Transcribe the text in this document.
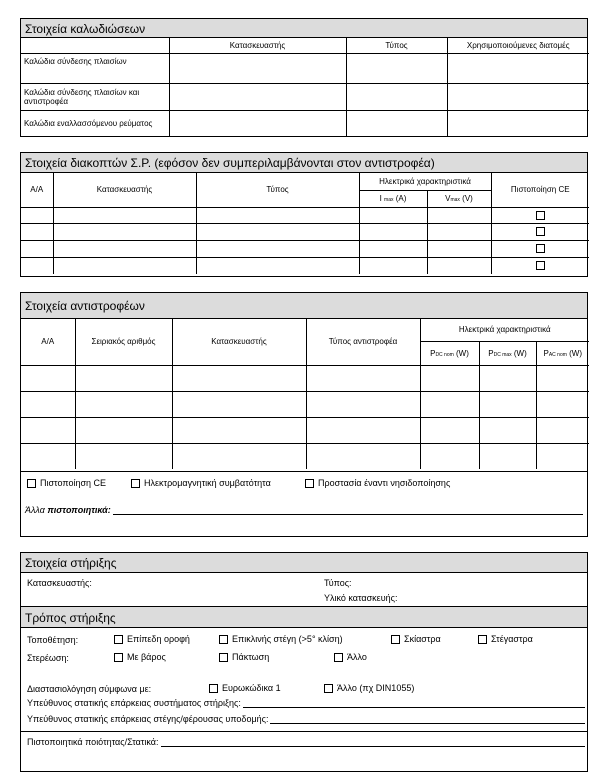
Στοιχεία καλωδιώσεων
	Κατασκευαστής	Τύπος	Χρησιμοποιούμενες διατομές
Καλώδια σύνδεσης πλαισίων			
Καλώδια σύνδεσης πλαισίων και αντιστροφέα			
Καλώδια εναλλασσόμενου ρεύματος			
Στοιχεία διακοπτών Σ.Ρ. (εφόσον δεν συμπεριλαμβάνονται στον αντιστροφέα)
Α/Α	Κατασκευαστής	Τύπος	Ηλεκτρικά χαρακτηριστικά		Πιστοποίηση CE
			I max (A)	Vmax (V)	

Στοιχεία αντιστροφέων
Α/Α	Σειριακός αριθμός	Κατασκευαστής	Τύπος αντιστροφέα	Ηλεκτρικά χαρακτηριστικά		
				PDC nom (W)	PDC max (W)	PAC nom (W)

Πιστοποίηση CE	Ηλεκτρομαγνητική συμβατότητα	Προστασία έναντι νησιδοποίησης
Άλλα
πιστοποιητικά:
Στοιχεία στήριξης
Κατασκευαστής:	Τύπος:
Υλικό κατασκευής:
Τρόπος στήριξης
Τοποθέτηση:	Επίπεδη οροφή	Επικλινής στέγη (>5° κλίση)	Σκίαστρα	Στέγαστρα
Στερέωση:	Με βάρος	Πάκτωση	Άλλο
Διαστασιολόγηση σύμφωνα με:	Ευρωκώδικα 1	Άλλο (πχ DIN1055)
Υπεύθυνος στατικής επάρκειας συστήματος στήριξης:
Υπεύθυνος στατικής επάρκειας στέγης/φέρουσας υποδομής:
Πιστοποιητικά ποιότητας/Στατικά:
